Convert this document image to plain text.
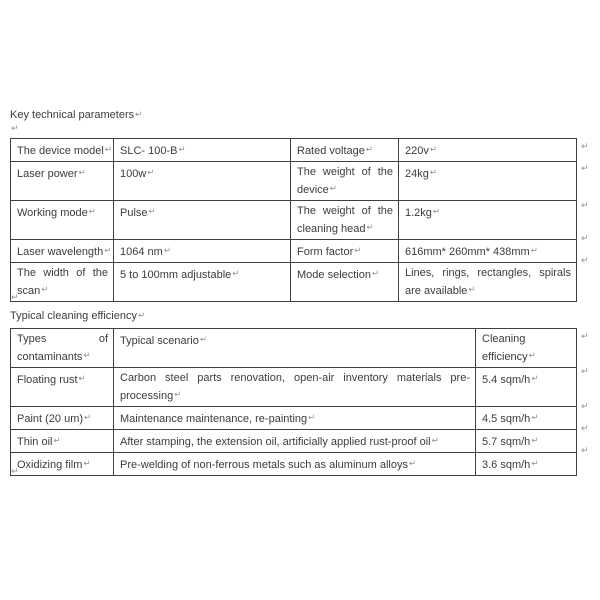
Key technical parameters↵
↵
The device model↵	SLC- 100-B↵	Rated voltage↵	220v↵
Laser power↵	100w↵	The weight of the device↵	24kg↵
Working mode↵	Pulse↵	The weight of the cleaning head↵	1.2kg↵
Laser wavelength↵	1064 nm↵	Form factor↵	616mm* 260mm* 438mm↵
The width of the scan↵	5 to 100mm adjustable↵	Mode selection↵	Lines, rings, rectangles, spirals are available↵
↵
↵
↵
↵
↵
↵
Typical cleaning efficiency↵
Types of contaminants↵	Typical scenario↵	Cleaning efficiency↵
Floating rust↵	Carbon steel parts renovation, open-air inventory materials pre-processing↵	5.4 sqm/h↵
Paint (20 um)↵	Maintenance maintenance, re-painting↵	4.5 sqm/h↵
Thin oil↵	After stamping, the extension oil, artificially applied rust-proof oil↵	5.7 sqm/h↵
Oxidizing film↵	Pre-welding of non-ferrous metals such as aluminum alloys↵	3.6 sqm/h↵
↵
↵
↵
↵
↵
↵
